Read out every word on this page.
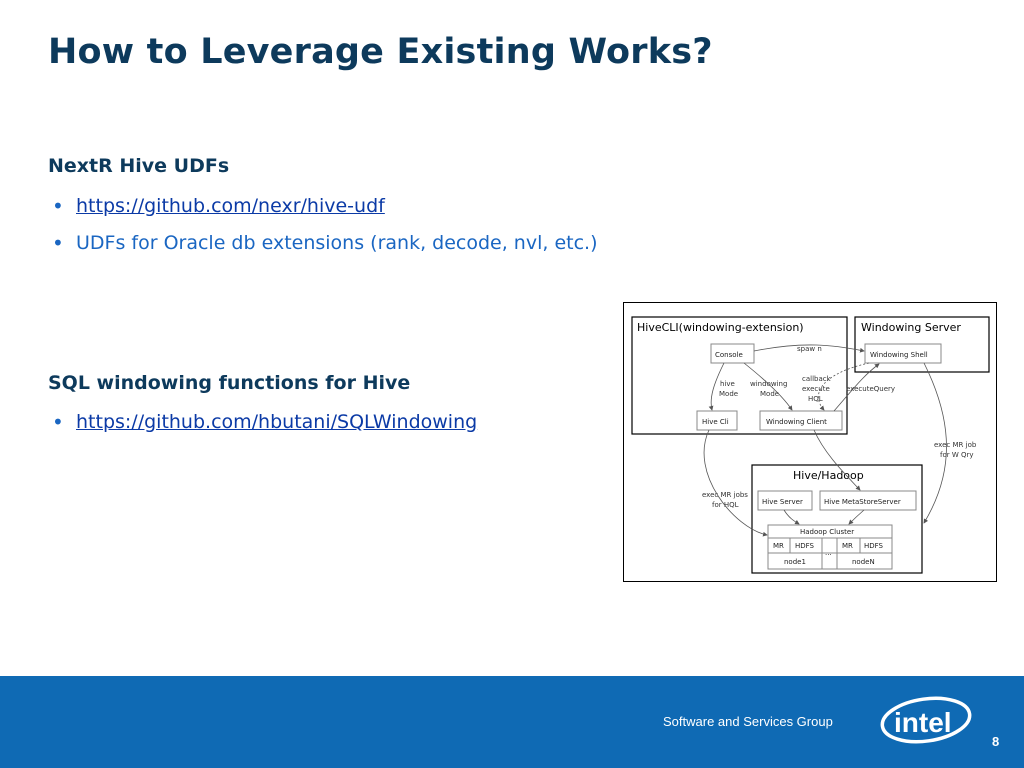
How to Leverage Existing Works?

NextR Hive UDFs

• https://github.com/nexr/hive-udf
• UDFs for Oracle db extensions (rank, decode, nvl, etc.)

SQL windowing functions for Hive

• https://github.com/hbutani/SQLWindowing
HiveCLI(windowing-extension)	Windowing Server
Console
spaw n
Windowing Shell
hive
Mode
windowing
Mode
callback
execute
HQL
executeQuery
Hive Cli	Windowing Client
exec MR job
for W Qry
Hive/Hadoop
exec MR jobs
for HQL	Hive Server	Hive MetaStoreServer
Hadoop Cluster
MR HDFS
...
MR HDFS
node1	nodeN
Software and Services Group intel
8
